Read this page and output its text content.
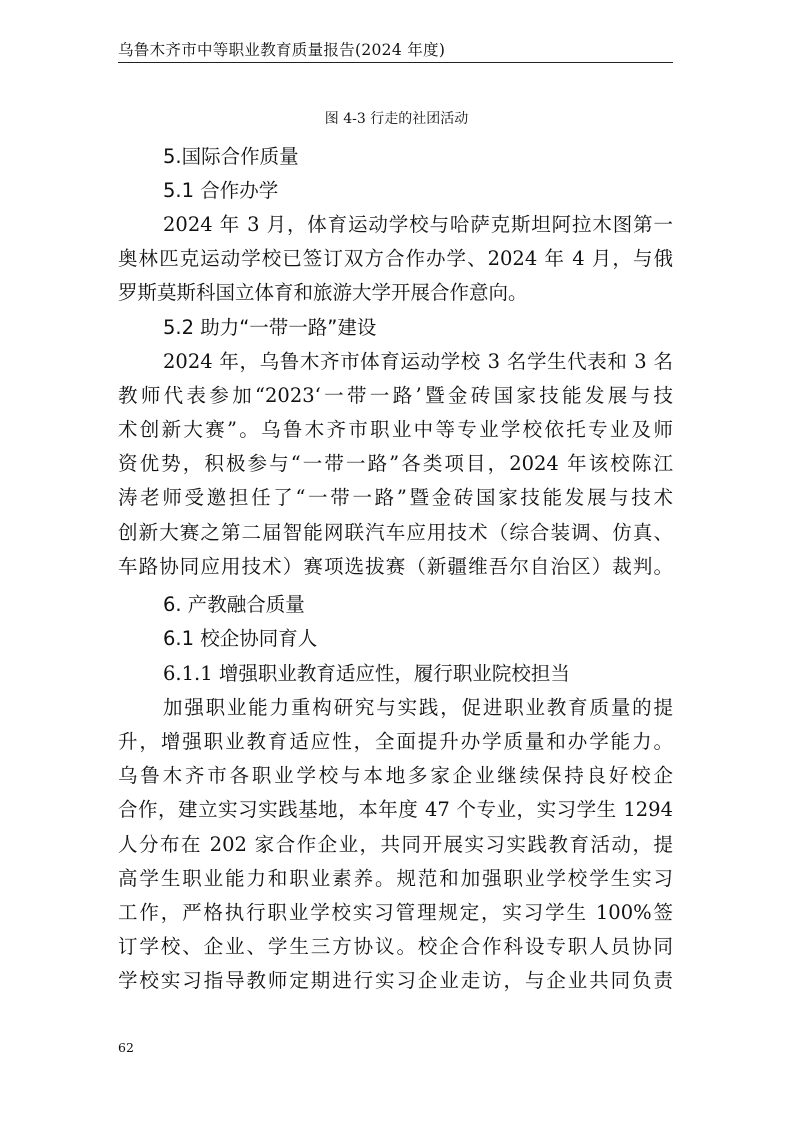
乌鲁木齐市中等职业教育质量报告(2024 年度)
图 4-3 行走的社团活动
5.国际合作质量
5.1 合作办学
2024 年 3 月，体育运动学校与哈萨克斯坦阿拉木图第一
奥林匹克运动学校已签订双方合作办学、2024 年 4 月，与俄
罗斯莫斯科国立体育和旅游大学开展合作意向。
5.2 助力“一带一路”建设
2024 年，乌鲁木齐市体育运动学校 3 名学生代表和 3 名
教师代表参加“2023‘一带一路’暨金砖国家技能发展与技
术创新大赛”。乌鲁木齐市职业中等专业学校依托专业及师
资优势，积极参与“一带一路”各类项目，2024 年该校陈江
涛老师受邀担任了“一带一路”暨金砖国家技能发展与技术
创新大赛之第二届智能网联汽车应用技术（综合装调、仿真、
车路协同应用技术）赛项选拔赛（新疆维吾尔自治区）裁判。
6. 产教融合质量
6.1 校企协同育人
6.1.1 增强职业教育适应性，履行职业院校担当
加强职业能力重构研究与实践，促进职业教育质量的提
升，增强职业教育适应性，全面提升办学质量和办学能力。
乌鲁木齐市各职业学校与本地多家企业继续保持良好校企
合作，建立实习实践基地，本年度 47 个专业，实习学生 1294
人分布在 202 家合作企业，共同开展实习实践教育活动，提
高学生职业能力和职业素养。规范和加强职业学校学生实习
工作，严格执行职业学校实习管理规定，实习学生 100%签
订学校、企业、学生三方协议。校企合作科设专职人员协同
学校实习指导教师定期进行实习企业走访，与企业共同负责
62
